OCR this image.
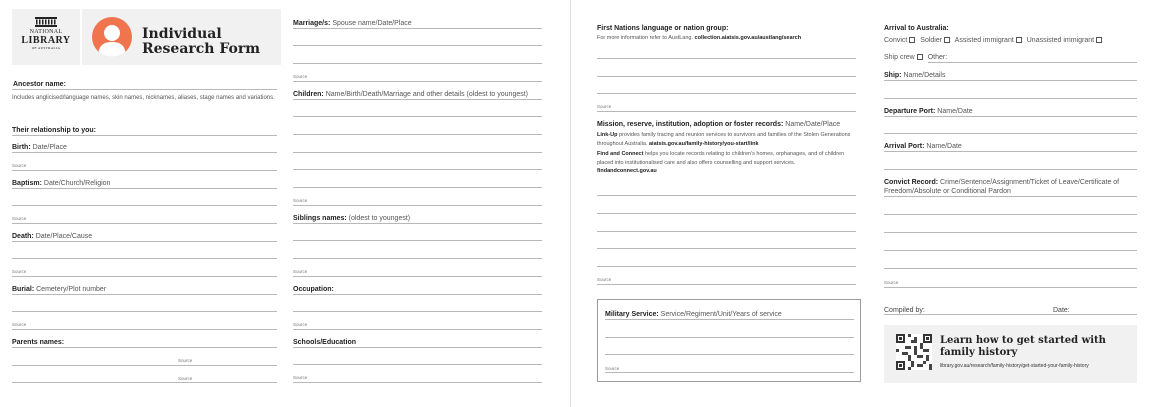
NATIONAL
LIBRARY
OF AUSTRALIA
Individual
Research Form
Ancestor name:
Includes anglicised/language names, skin names, nicknames, aliases, stage names and variations.
Their relationship to you:
Birth: Date/Place
Source
Baptism: Date/Church/Religion
Source
Death: Date/Place/Cause
Source
Burial: Cemetery/Plot number
Source
Parents names:
Source
Source
Marriage/s: Spouse name/Date/Place
Source
Children: Name/Birth/Death/Marriage and other details (oldest to youngest)
Source
Siblings names: (oldest to youngest)
Source
Occupation:
Source
Schools/Education
Source
First Nations language or nation group:
For more information refer to AustLang. collection.aiatsis.gov.au/austlang/search
Source
Mission, reserve, institution, adoption or foster records: Name/Date/Place
Link-Up provides family tracing and reunion services to survivors and families of the Stolen Generations throughout Australia. aiatsis.gov.au/family-history/you-start/link
Find and Connect helps you locate records relating to children's homes, orphanages, and of children placed into institutionalised care and also offers counselling and support services.
findandconnect.gov.au
Source
Military Service: Service/Regiment/Unit/Years of service
Source
Arrival to Australia:
Convict Soldier Assisted immigrant Unassisted immigrant
Ship crew Other:
Ship: Name/Details
Departure Port: Name/Date
Arrival Port: Name/Date
Convict Record: Crime/Sentence/Assignment/Ticket of Leave/Certificate of Freedom/Absolute or Conditional Pardon
Source
Compiled by:	Date:
Learn how to get started with
family history
library.gov.au/research/family-history/get-started-your-family-history
